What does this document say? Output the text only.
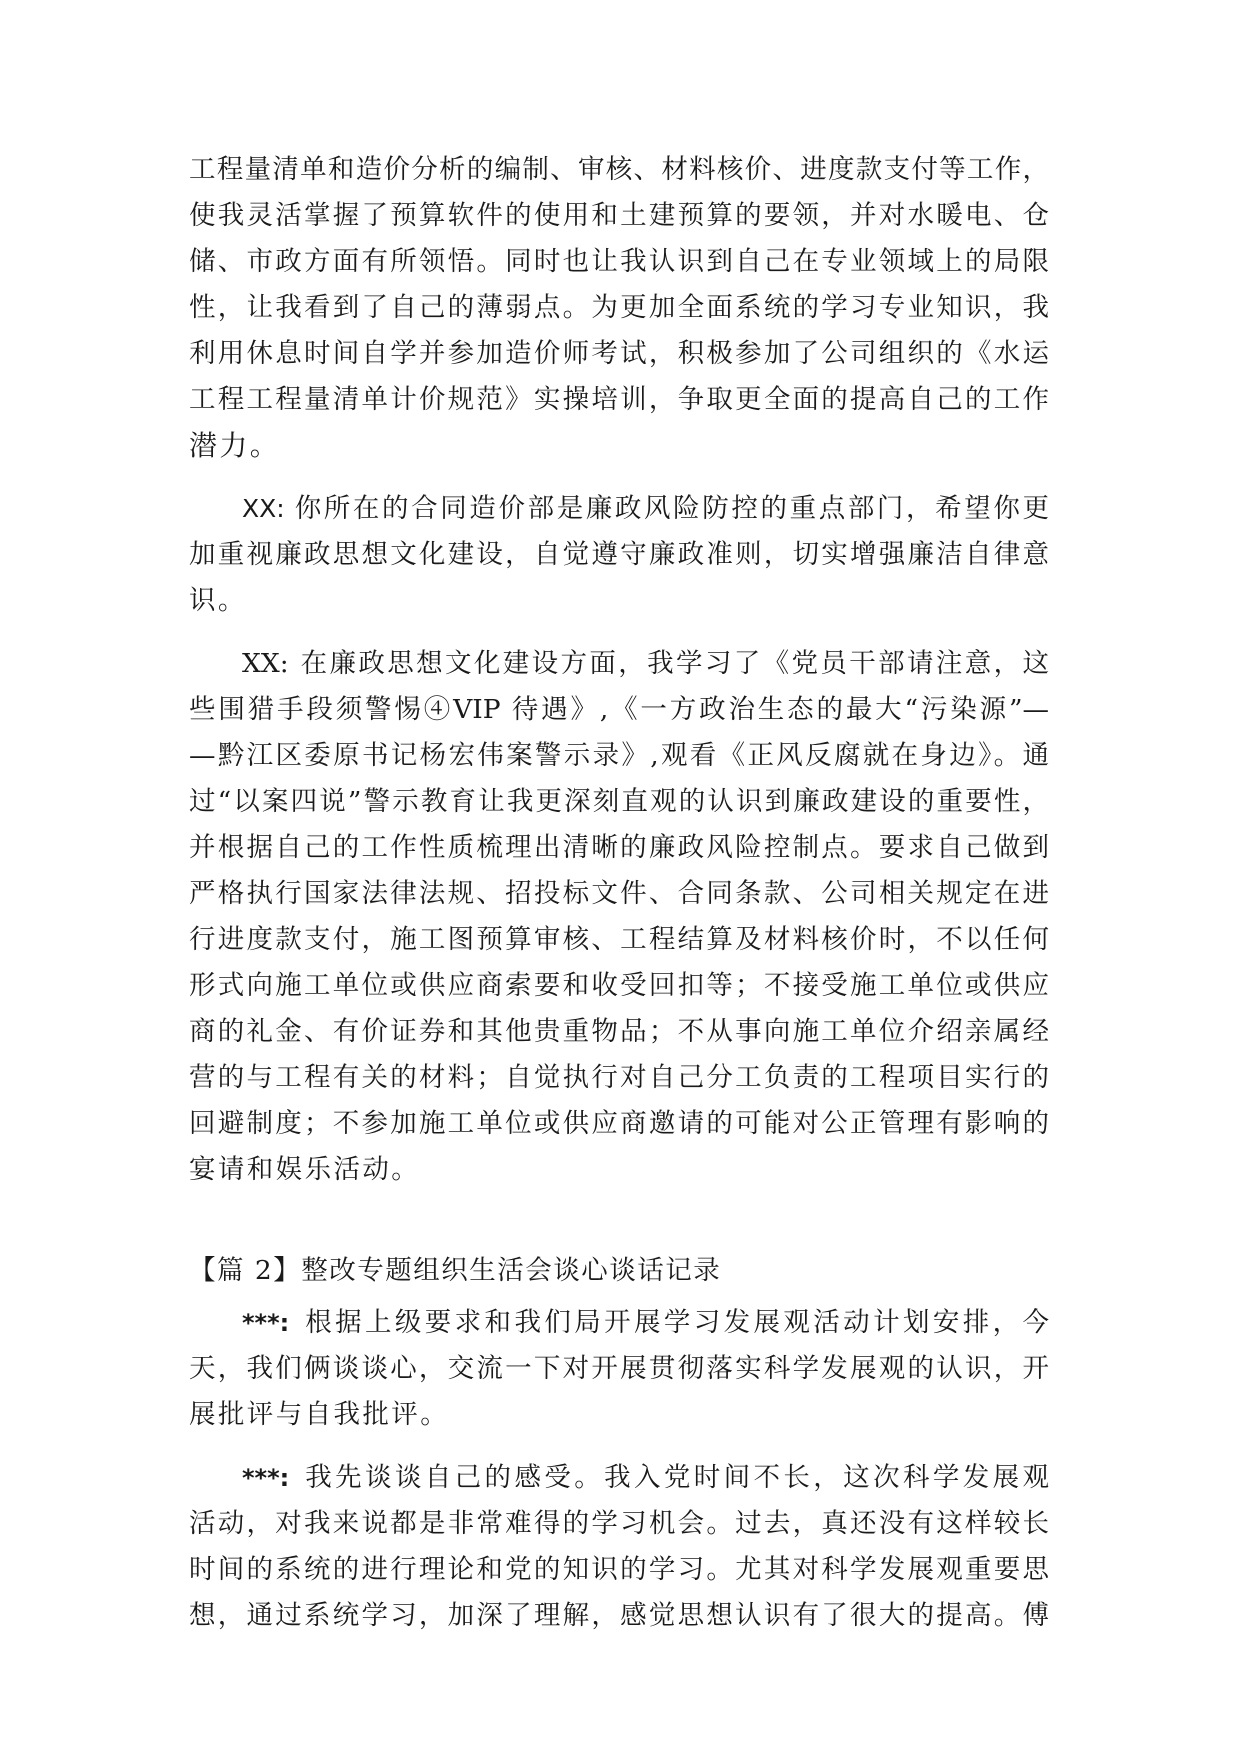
工程量清单和造价分析的编制、审核、材料核价、进度款支付等工作，

使我灵活掌握了预算软件的使用和土建预算的要领，并对水暖电、仓

储、市政方面有所领悟。同时也让我认识到自己在专业领域上的局限

性，让我看到了自己的薄弱点。为更加全面系统的学习专业知识，我

利用休息时间自学并参加造价师考试，积极参加了公司组织的《水运

工程工程量清单计价规范》实操培训，争取更全面的提高自己的工作

潜力。

XX: 你所在的合同造价部是廉政风险防控的重点部门，希望你更

加重视廉政思想文化建设，自觉遵守廉政准则，切实增强廉洁自律意

识。

XX: 在廉政思想文化建设方面，我学习了《党员干部请注意，这

些围猎手段须警惕④VIP 待遇》,《一方政治生态的最大“污染源”—

—黔江区委原书记杨宏伟案警示录》,观看《正风反腐就在身边》。通

过“以案四说”警示教育让我更深刻直观的认识到廉政建设的重要性，

并根据自己的工作性质梳理出清晰的廉政风险控制点。要求自己做到

严格执行国家法律法规、招投标文件、合同条款、公司相关规定在进

行进度款支付，施工图预算审核、工程结算及材料核价时，不以任何

形式向施工单位或供应商索要和收受回扣等；不接受施工单位或供应

商的礼金、有价证券和其他贵重物品；不从事向施工单位介绍亲属经

营的与工程有关的材料；自觉执行对自己分工负责的工程项目实行的

回避制度；不参加施工单位或供应商邀请的可能对公正管理有影响的

宴请和娱乐活动。

【篇 2】整改专题组织生活会谈心谈话记录

***: 根据上级要求和我们局开展学习发展观活动计划安排，今

天，我们俩谈谈心，交流一下对开展贯彻落实科学发展观的认识，开

展批评与自我批评。

***: 我先谈谈自己的感受。我入党时间不长，这次科学发展观

活动，对我来说都是非常难得的学习机会。过去，真还没有这样较长

时间的系统的进行理论和党的知识的学习。尤其对科学发展观重要思

想，通过系统学习，加深了理解，感觉思想认识有了很大的提高。傅
